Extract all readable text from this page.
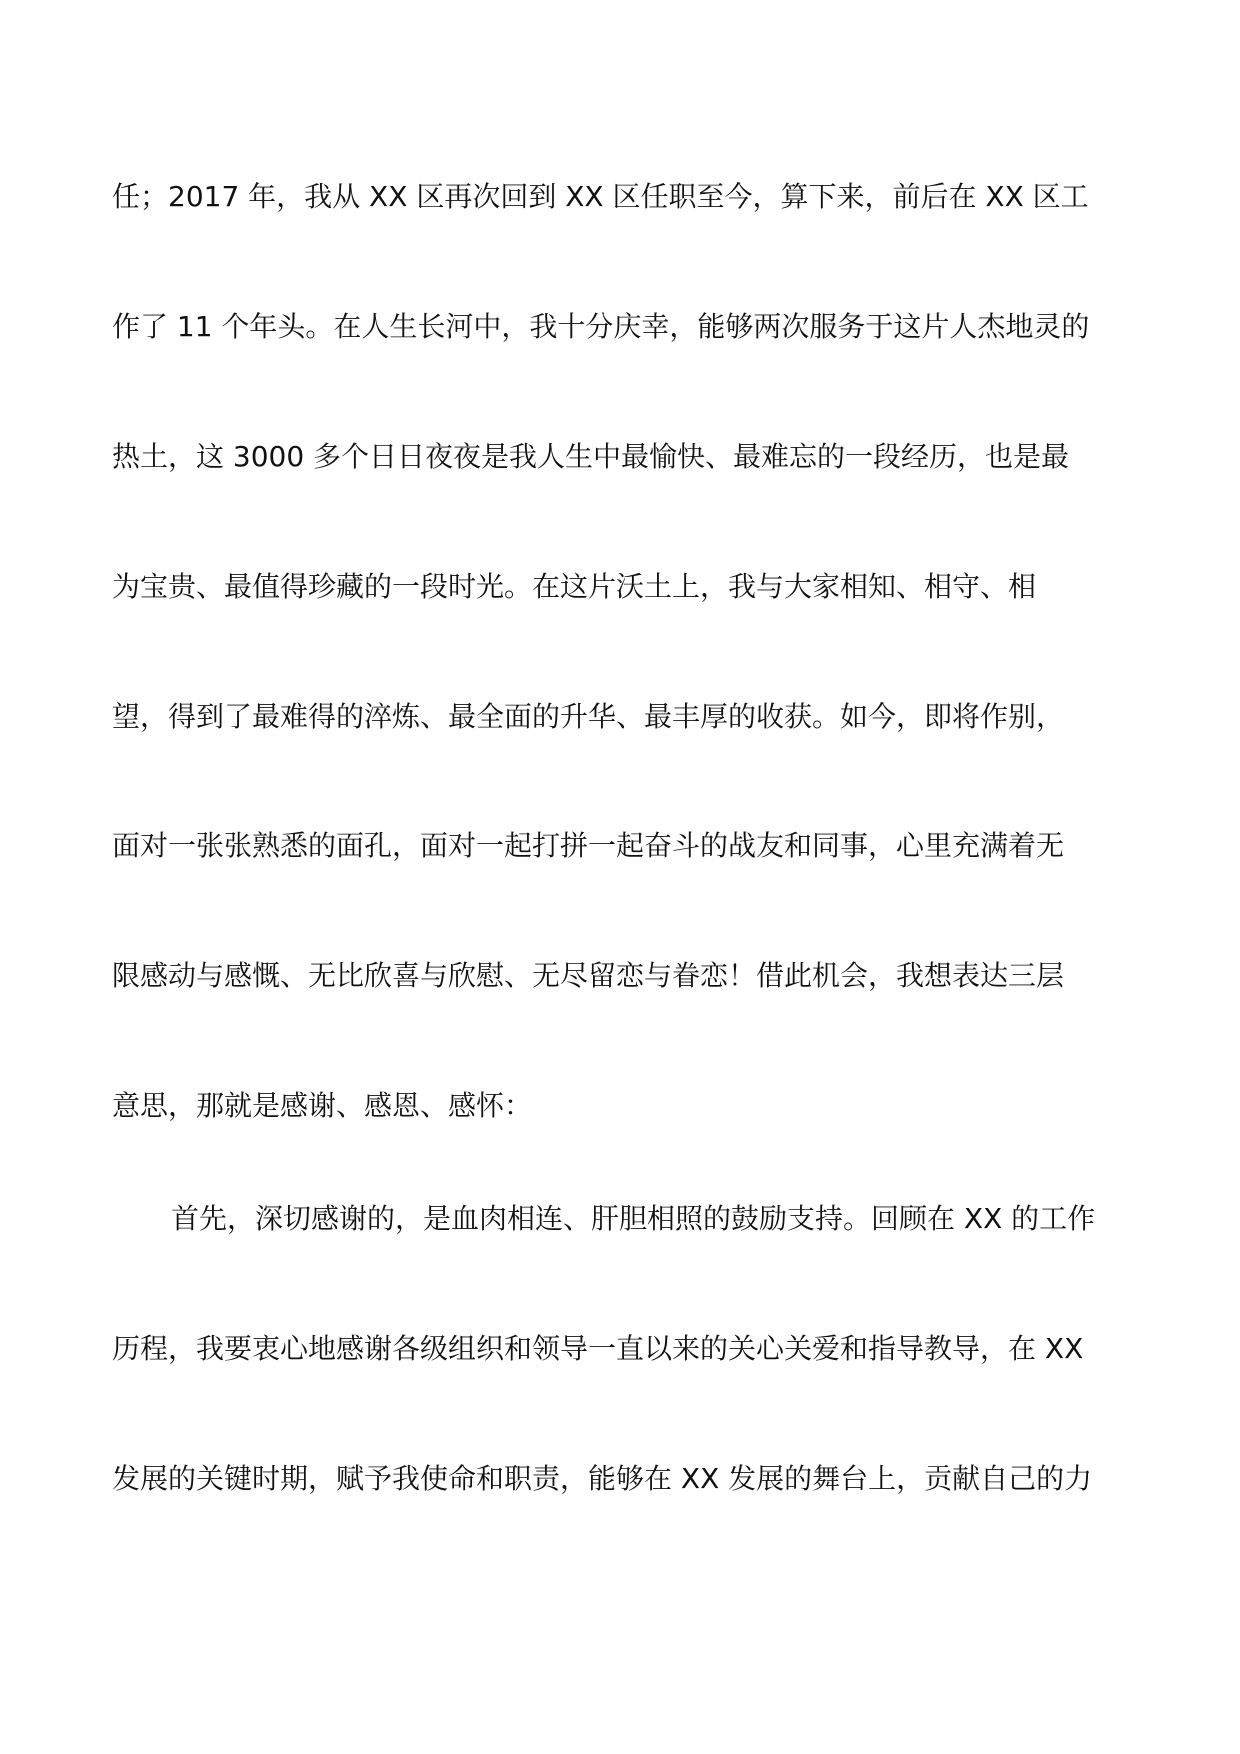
任；2017 年，我从 XX 区再次回到 XX 区任职至今，算下来，前后在 XX 区工
作了 11 个年头。在人生长河中，我十分庆幸，能够两次服务于这片人杰地灵的
热土，这 3000 多个日日夜夜是我人生中最愉快、最难忘的一段经历，也是最
为宝贵、最值得珍藏的一段时光。在这片沃土上，我与大家相知、相守、相
望，得到了最难得的淬炼、最全面的升华、最丰厚的收获。如今，即将作别，
面对一张张熟悉的面孔，面对一起打拼一起奋斗的战友和同事，心里充满着无
限感动与感慨、无比欣喜与欣慰、无尽留恋与眷恋！借此机会，我想表达三层
意思，那就是感谢、感恩、感怀：
首先，深切感谢的，是血肉相连、肝胆相照的鼓励支持。回顾在 XX 的工作
历程，我要衷心地感谢各级组织和领导一直以来的关心关爱和指导教导，在 XX
发展的关键时期，赋予我使命和职责，能够在 XX 发展的舞台上，贡献自己的力
